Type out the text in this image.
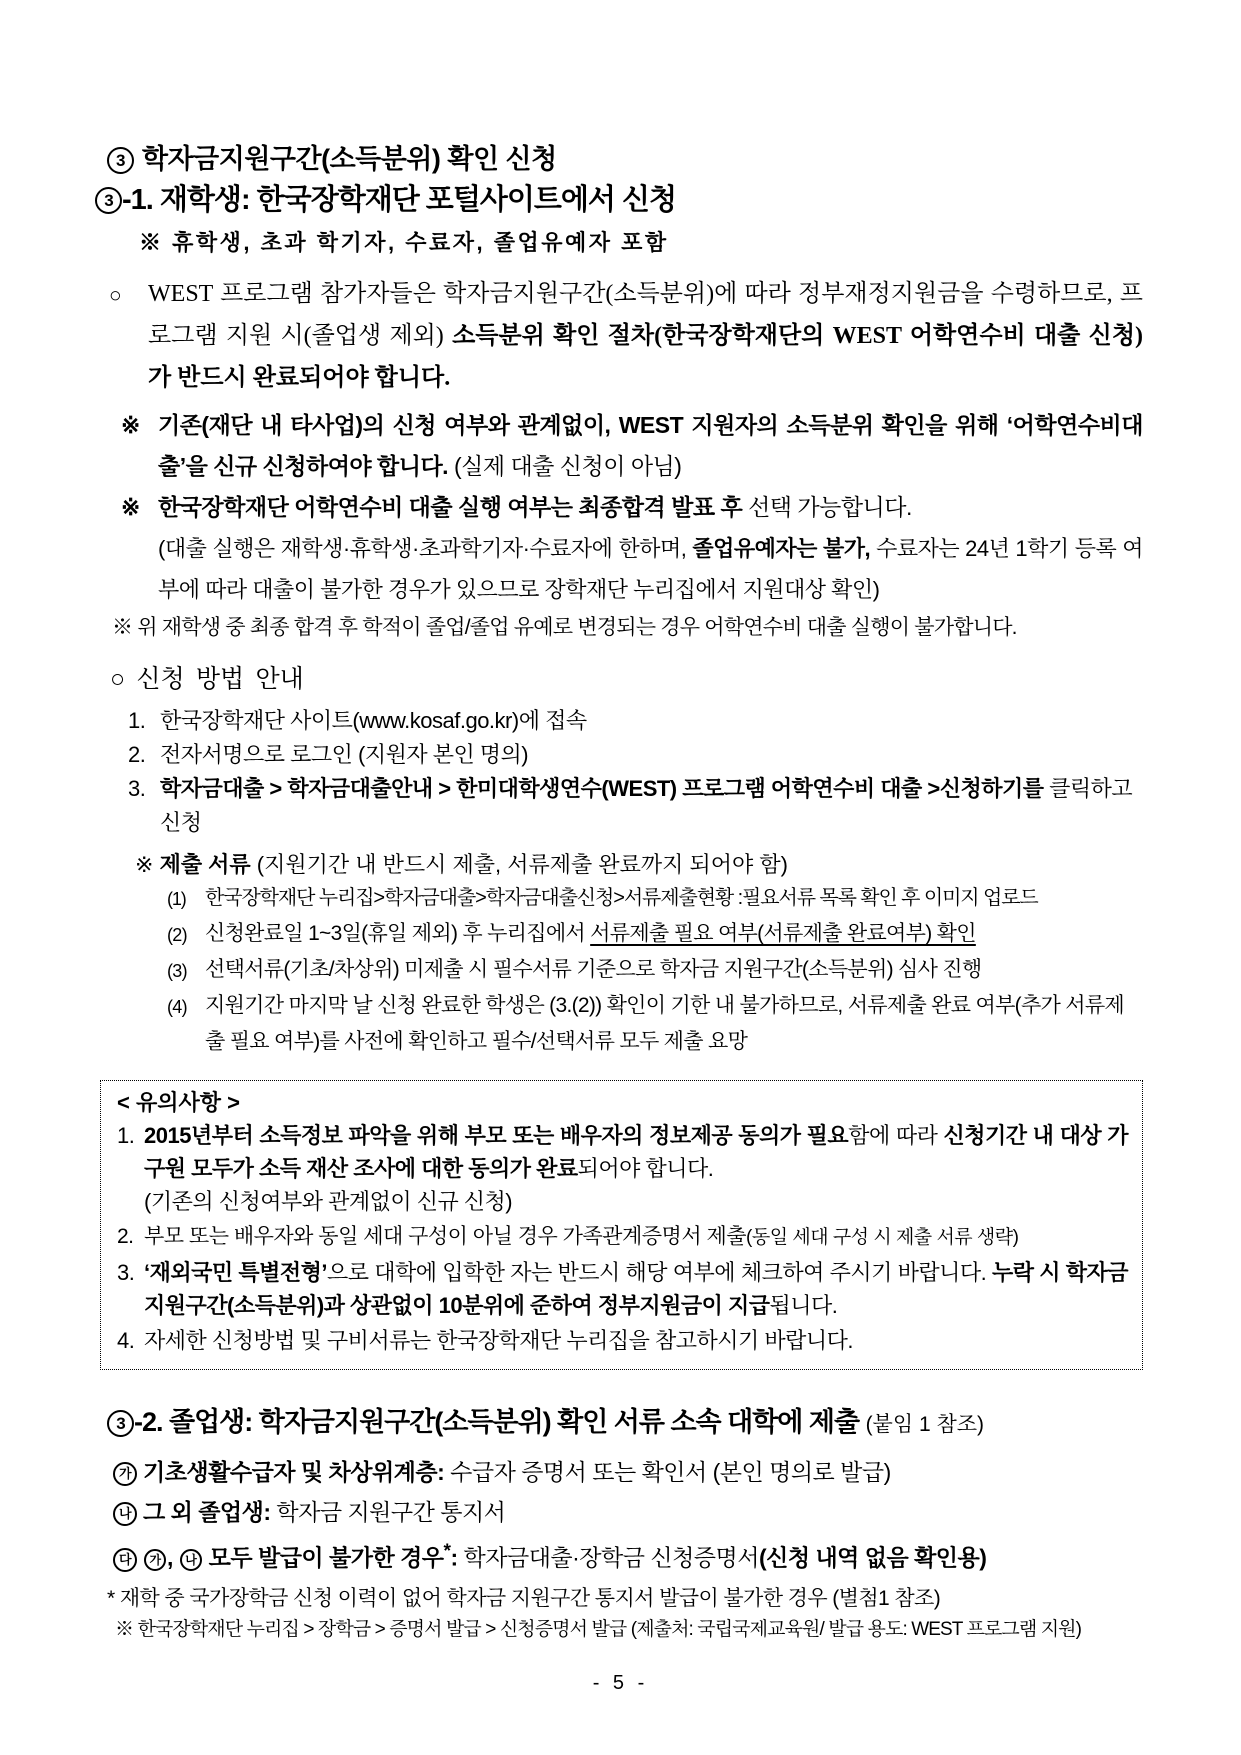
3 학자금지원구간(소득분위) 확인 신청
3 -1. 재학생: 한국장학재단 포털사이트에서 신청
※ 휴학생, 초과 학기자, 수료자, 졸업유예자 포함
○ WEST 프로그램 참가자들은 학자금지원구간(소득분위)에 따라 정부재정지원금을 수령하므로, 프로그램 지원 시(졸업생 제외) 소득분위 확인 절차(한국장학재단의 WEST 어학연수비 대출 신청)가 반드시 완료되어야 합니다.
※ 기존(재단 내 타사업)의 신청 여부와 관계없이, WEST 지원자의 소득분위 확인을 위해 ‘어학연수비대출’을 신규 신청하여야 합니다. (실제 대출 신청이 아님)
※ 한국장학재단 어학연수비 대출 실행 여부는 최종합격 발표 후 선택 가능합니다.
(대출 실행은 재학생·휴학생·초과학기자·수료자에 한하며, 졸업유예자는 불가, 수료자는 24년 1학기 등록 여부에 따라 대출이 불가한 경우가 있으므로 장학재단 누리집에서 지원대상 확인)
※ 위 재학생 중 최종 합격 후 학적이 졸업/졸업 유예로 변경되는 경우 어학연수비 대출 실행이 불가합니다.
○ 신청 방법 안내
1. 한국장학재단 사이트(www.kosaf.go.kr)에 접속
2. 전자서명으로 로그인 (지원자 본인 명의)
3. 학자금대출 > 학자금대출안내 > 한미대학생연수(WEST) 프로그램 어학연수비 대출 >신청하기를 클릭하고 신청
※ 제출 서류 (지원기간 내 반드시 제출, 서류제출 완료까지 되어야 함)
(1) 한국장학재단 누리집>학자금대출>학자금대출신청>서류제출현황 :필요서류 목록 확인 후 이미지 업로드
(2) 신청완료일 1~3일(휴일 제외) 후 누리집에서 서류제출 필요 여부(서류제출 완료여부) 확인
(3) 선택서류(기초/차상위) 미제출 시 필수서류 기준으로 학자금 지원구간(소득분위) 심사 진행
(4) 지원기간 마지막 날 신청 완료한 학생은 (3.(2)) 확인이 기한 내 불가하므로, 서류제출 완료 여부(추가 서류제출 필요 여부)를 사전에 확인하고 필수/선택서류 모두 제출 요망
< 유의사항 >
1. 2015년부터 소득정보 파악을 위해 부모 또는 배우자의 정보제공 동의가 필요함에 따라 신청기간 내 대상 가구원 모두가 소득 재산 조사에 대한 동의가 완료되어야 합니다.
(기존의 신청여부와 관계없이 신규 신청)
2. 부모 또는 배우자와 동일 세대 구성이 아닐 경우 가족관계증명서 제출(동일 세대 구성 시 제출 서류 생략)
3. ‘재외국민 특별전형’으로 대학에 입학한 자는 반드시 해당 여부에 체크하여 주시기 바랍니다. 누락 시 학자금 지원구간(소득분위)과 상관없이 10분위에 준하여 정부지원금이 지급됩니다.
4. 자세한 신청방법 및 구비서류는 한국장학재단 누리집을 참고하시기 바랍니다.
3 -2. 졸업생: 학자금지원구간(소득분위) 확인 서류 소속 대학에 제출 (붙임 1 참조)
가 기초생활수급자 및 차상위계층: 수급자 증명서 또는 확인서 (본인 명의로 발급)
나 그 외 졸업생: 학자금 지원구간 통지서
다 가 , 나 모두 발급이 불가한 경우*: 학자금대출·장학금 신청증명서(신청 내역 없음 확인용)
* 재학 중 국가장학금 신청 이력이 없어 학자금 지원구간 통지서 발급이 불가한 경우 (별첨1 참조)
※ 한국장학재단 누리집 > 장학금 > 증명서 발급 > 신청증명서 발급 (제출처: 국립국제교육원/ 발급 용도: WEST 프로그램 지원)
- 5 -
